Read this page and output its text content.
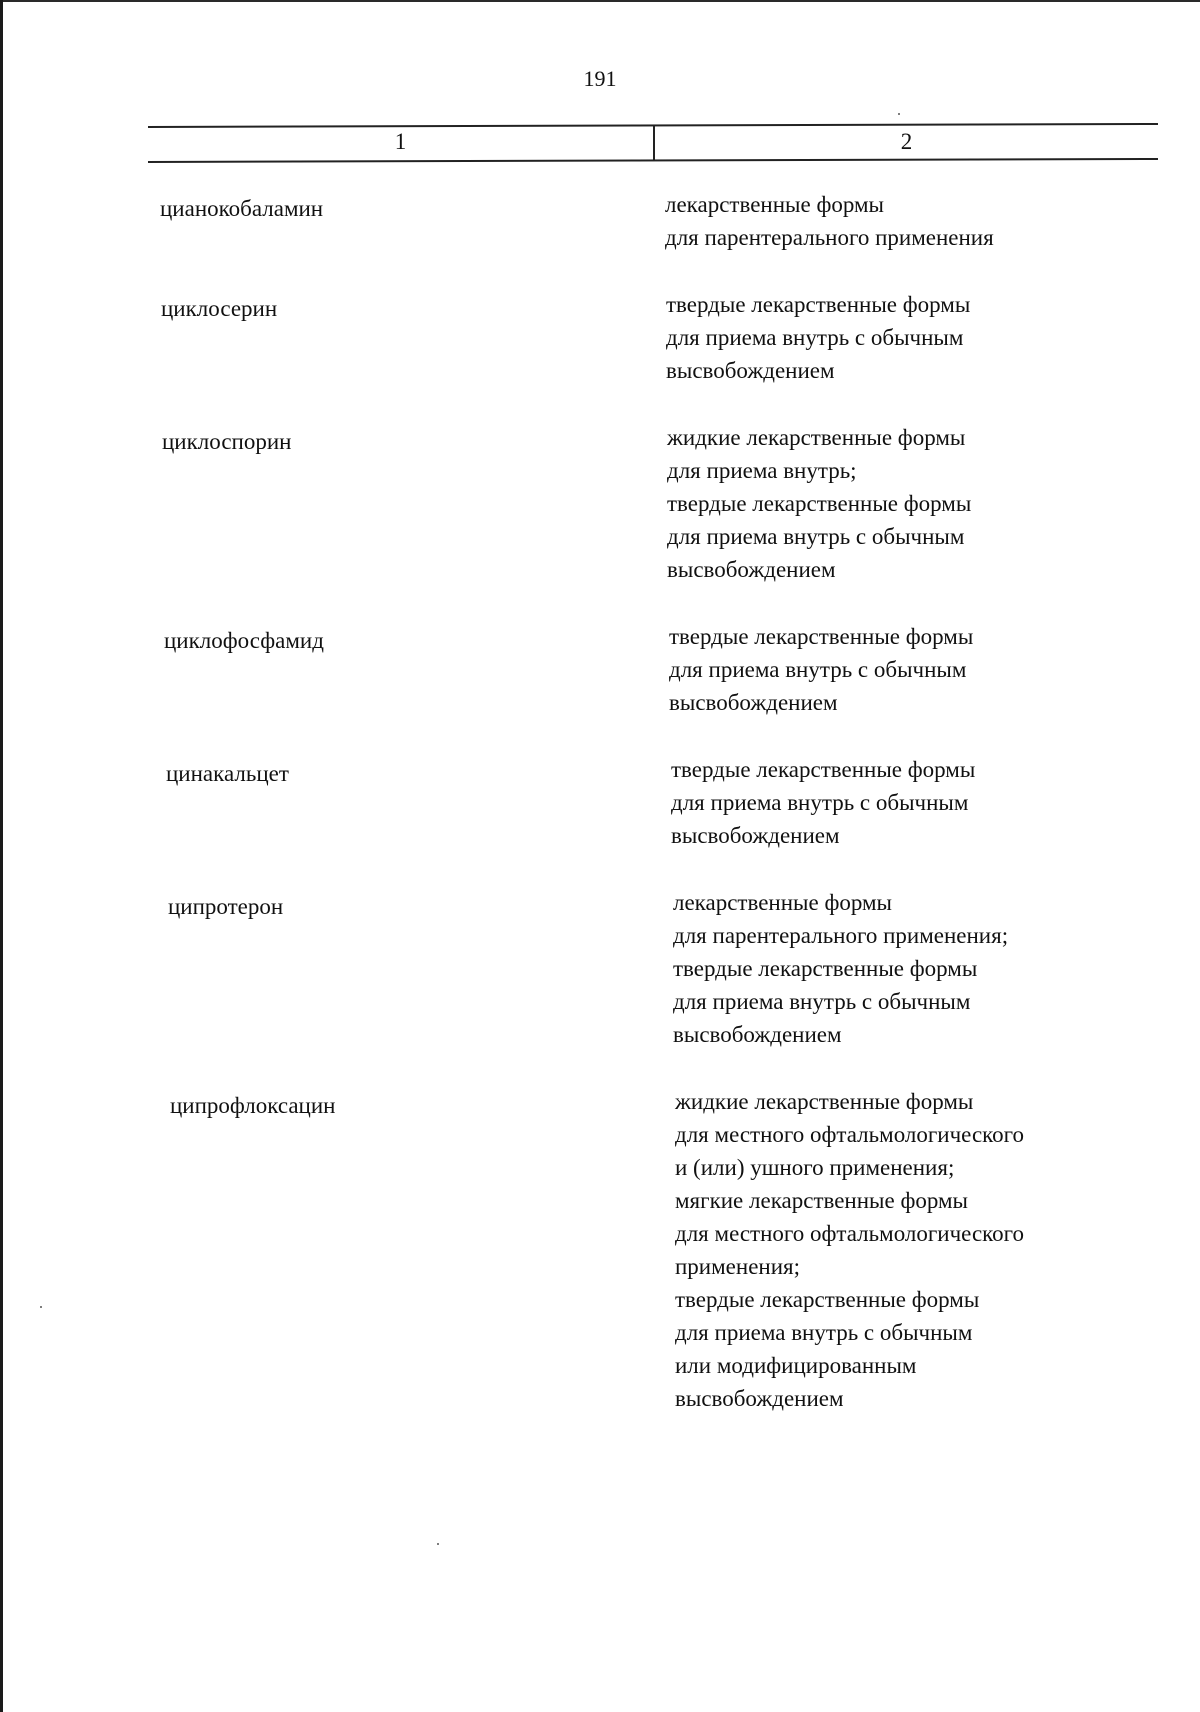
191
1	2
цианокобаламин	лекарственные формы
для парентерального применения
циклосерин	твердые лекарственные формы
для приема внутрь с обычным
высвобождением
циклоспорин	жидкие лекарственные формы
для приема внутрь;
твердые лекарственные формы
для приема внутрь с обычным
высвобождением
циклофосфамид	твердые лекарственные формы
для приема внутрь с обычным
высвобождением
цинакальцет	твердые лекарственные формы
для приема внутрь с обычным
высвобождением
ципротерон	лекарственные формы
для парентерального применения;
твердые лекарственные формы
для приема внутрь с обычным
высвобождением
ципрофлоксацин	жидкие лекарственные формы
для местного офтальмологического
и (или) ушного применения;
мягкие лекарственные формы
для местного офтальмологического
применения;
твердые лекарственные формы
для приема внутрь с обычным
или модифицированным
высвобождением
